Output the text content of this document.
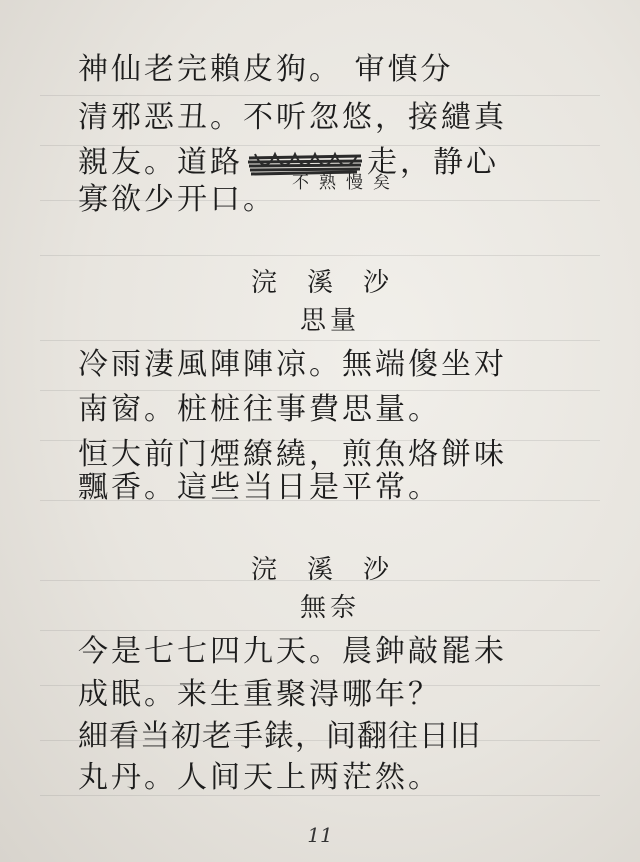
神仙老完賴皮狗。 审慎分
清邪恶丑。不听忽悠，接繾真
親友。道路	走，静心
不熟慢矣
寡欲少开口。
浣溪沙
思量
冷雨淒風陣陣凉。無端傻坐对
南窗。桩桩往事費思量。
恒大前门煙繚繞，煎魚烙餅味
飄香。這些当日是平常。
浣溪沙
無奈
今是七七四九天。晨鈡敲罷未
成眠。来生重聚淂哪年？
細看当初老手錶，间翻往日旧
丸丹。人间天上两茫然。
11
